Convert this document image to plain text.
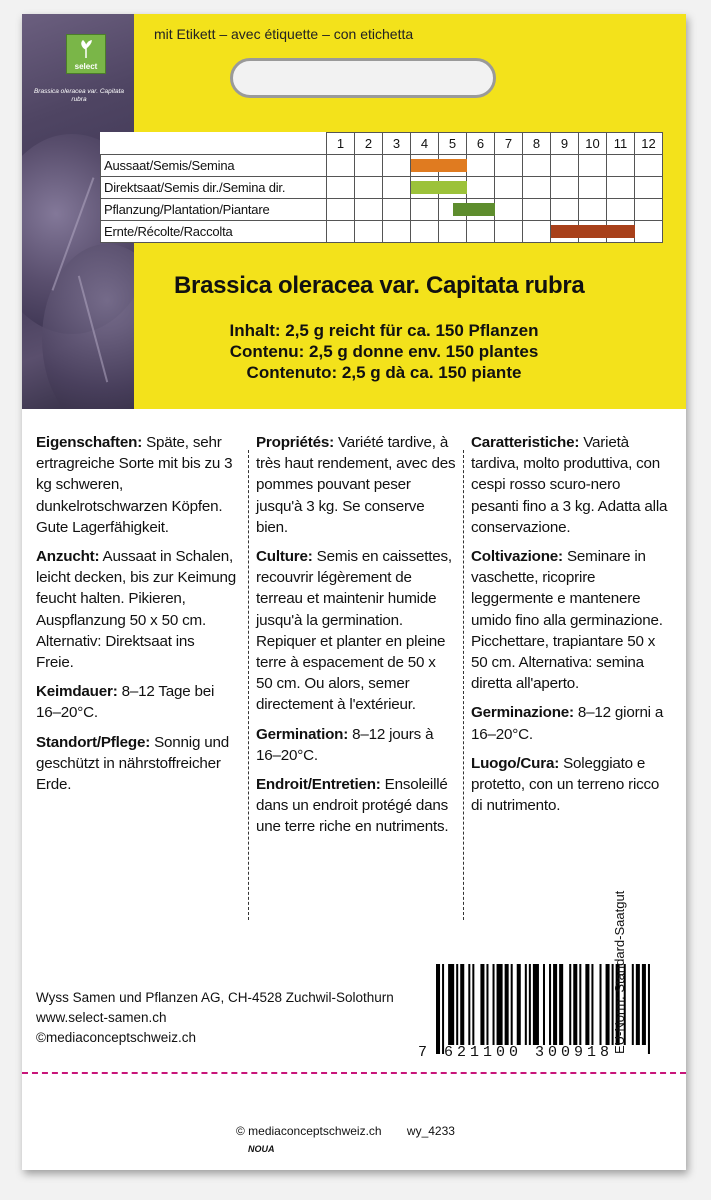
select
Brassica oleracea var. Capitata rubra
mit Etikett – avec étiquette – con etichetta
	1	2	3	4	5	6	7	8	9	10	11	12
Aussaat/Semis/Semina												
Direktsaat/Semis dir./Semina dir.												
Pflanzung/Plantation/Piantare												
Ernte/Récolte/Raccolta												
Brassica oleracea var. Capitata rubra
Inhalt: 2,5 g reicht für ca. 150 Pflanzen
Contenu: 2,5 g donne env. 150 plantes
Contenuto: 2,5 g dà ca. 150 piante

Eigenschaften: Späte, sehr ertragreiche Sorte mit bis zu 3 kg schweren, dunkelrotschwarzen Köpfen. Gute Lagerfähigkeit.

Anzucht: Aussaat in Schalen, leicht decken, bis zur Keimung feucht halten. Pikieren, Auspflanzung 50 x 50 cm. Alternativ: Direktsaat ins Freie.

Keimdauer: 8–12 Tage bei 16–20°C.

Standort/Pflege: Sonnig und geschützt in nährstoffreicher Erde.

Propriétés: Variété tardive, à très haut rendement, avec des pommes pouvant peser jusqu'à 3 kg. Se conserve bien.

Culture: Semis en caissettes, recouvrir légèrement de terreau et maintenir humide jusqu'à la germination. Repiquer et planter en pleine terre à espacement de 50 x 50 cm. Ou alors, semer directement à l'extérieur.

Germination: 8–12 jours à 16–20°C.

Endroit/Entretien: Ensoleillé dans un endroit protégé dans une terre riche en nutriments.

Caratteristiche: Varietà tardiva, molto produttiva, con cespi rosso scuro-nero pesanti fino a 3 kg. Adatta alla conservazione.

Coltivazione: Seminare in vaschette, ricoprire leggermente e mantenere umido fino alla germinazione. Picchettare, trapiantare 50 x 50 cm. Alternativa: semina diretta all'aperto.

Germinazione: 8–12 giorni a 16–20°C.

Luogo/Cura: Soleggiato e protetto, con un terreno ricco di nutrimento.

Wyss Samen und Pflanzen AG, CH-4528 Zuchwil-Solothurn
www.select-samen.ch
©mediaconceptschweiz.ch
7 621100 300918
EU-Norm: Standard-Saatgut
© mediaconceptschweiz.ch wy_4233
NOUA
